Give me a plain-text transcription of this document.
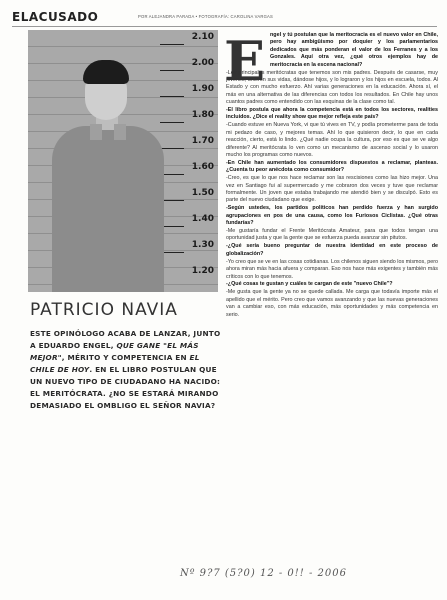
ELACUSADO	POR ALEJANDRA PARADA • FOTOGRAFÍA: CAROLINA VARGAS
2.10
2.00
1.90
1.80
1.70
1.60
1.50
1.40
1.30
1.20
E
PATRICIO NAVIA
ESTE OPINÓLOGO ACABA DE LANZAR, JUNTO A EDUARDO ENGEL, QUE GANE "EL MÁS MEJOR", MÉRITO Y COMPETENCIA EN EL CHILE DE HOY. EN EL LIBRO POSTULAN QUE UN NUEVO TIPO DE CIUDADANO HA NACIDO: EL MERITÓCRATA. ¿NO SE ESTARÁ MIRANDO DEMASIADO EL OMBLIGO EL SEÑOR NAVIA?

ngel y tú postulan que la meritocracia es el nuevo valor en Chile, pero hay ambigüismo por doquier y los parlamentarios dedicados que más ponderan el valor de los Ferranes y a los Gonzales. Aquí otra vez, ¿qué otros ejemplos hay de meritocracia en la escena nacional?

-Los principales meritócratas que tenemos son mis padres. Después de casarse, muy jóvenes, unieron sus vidas, dándose hijos, y lo lograron y los hijos en escuela, todos. Al Estado y con mucho esfuerzo. Ahí varias generaciones en la educación. Ahora sí, el más en una alternativa de las diferencias con todos los resultados. En Chile hay unos cuantos padres como entendido con las esquinas de la clase como tal.

-El libro postula que ahora la competencia está en todos los sectores, realities incluidos. ¿Dice el reality show que mejor refleja este país?

-Cuando estuve en Nueva York, vi que tú vives en TV, y podía prometerme para de toda mi pedazo de caso, y mejores temas. Ahí lo que quisieron decir, lo que en cada reacción, cierto, está lo lindo. ¿Qué nadie ocupa la cultura, por eso es que se ve algo diferente? Al meritócrata lo ven como un mecanismo de ascenso social y lo usaron mucho los programas como nuevos.

-En Chile han aumentado los consumidores dispuestos a reclamar, planteas. ¿Cuenta tu peor anécdota como consumidor?

-Creo, es que lo que nos hace reclamar son las rescisiones como las hizo mejor. Una vez en Santiago fui al supermercado y me cobraron dos veces y tuve que reclamar formalmente. Un joven que estaba trabajando me atendió bien y se disculpó. Esto es parte del nuevo ciudadano que exige.

-Según ustedes, los partidos políticos han perdido fuerza y han surgido agrupaciones en pos de una causa, como los Furiosos Ciclistas. ¿Qué otras fundarías?

-Me gustaría fundar el Frente Meritócrata Amateur, para que todos tengan una oportunidad justa y que la gente que se esfuerza pueda avanzar sin pitutos.

-¿Qué sería bueno preguntar de nuestra identidad en este proceso de globalización?

-Yo creo que se ve en las cosas cotidianas. Los chilenos siguen siendo los mismos, pero ahora miran más hacia afuera y comparan. Eso nos hace más exigentes y también más críticos con lo que tenemos.

-¿Qué cosas te gustan y cuáles te cargan de este "nuevo Chile"?

-Me gusta que la gente ya no se quede callada. Me carga que todavía importe más el apellido que el mérito. Pero creo que vamos avanzando y que las nuevas generaciones van a cambiar eso, con más educación, más oportunidades y más competencia en serio.

Nº 9?7 (5?0) 12 - 0!! - 2006
